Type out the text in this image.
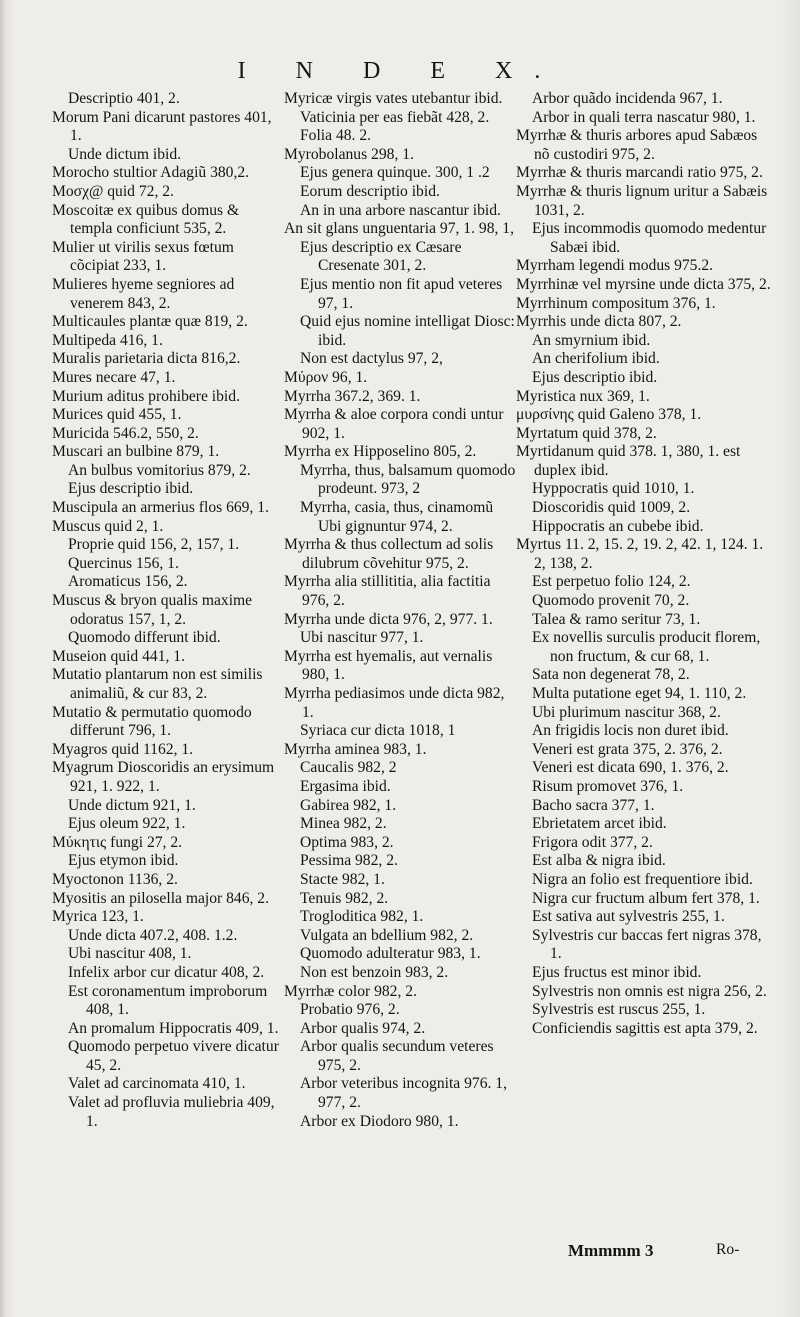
I N D E X.

Descriptio 401, 2.

Morum Pani dicarunt pastores 401, 1.

Unde dictum ibid.

Morocho stultior Adagiũ 380,2.

Μοσχ@ quid 72, 2.

Moscoitæ ex quibus domus & templa conficiunt 535, 2.

Mulier ut virilis sexus fœtum cõcipiat 233, 1.

Mulieres hyeme segniores ad venerem 843, 2.

Multicaules plantæ quæ 819, 2.

Multipeda 416, 1.

Muralis parietaria dicta 816,2.

Mures necare 47, 1.

Murium aditus prohibere ibid.

Murices quid 455, 1.

Muricida 546.2, 550, 2.

Muscari an bulbine 879, 1.

An bulbus vomitorius 879, 2.

Ejus descriptio ibid.

Muscipula an armerius flos 669, 1.

Muscus quid 2, 1.

Proprie quid 156, 2, 157, 1.

Quercinus 156, 1.

Aromaticus 156, 2.

Muscus & bryon qualis maxime odoratus 157, 1, 2.

Quomodo differunt ibid.

Museion quid 441, 1.

Mutatio plantarum non est similis animaliũ, & cur 83, 2.

Mutatio & permutatio quomodo differunt 796, 1.

Myagros quid 1162, 1.

Myagrum Dioscoridis an erysimum 921, 1. 922, 1.

Unde dictum 921, 1.

Ejus oleum 922, 1.

Μύκητις fungi 27, 2.

Ejus etymon ibid.

Myoctonon 1136, 2.

Myositis an pilosella major 846, 2.

Myrica 123, 1.

Unde dicta 407.2, 408. 1.2.

Ubi nascitur 408, 1.

Infelix arbor cur dicatur 408, 2.

Est coronamentum improborum 408, 1.

An promalum Hippocratis 409, 1.

Quomodo perpetuo vivere dicatur 45, 2.

Valet ad carcinomata 410, 1.

Valet ad profluvia muliebria 409, 1.

Myricæ virgis vates utebantur ibid.

Vaticinia per eas fiebãt 428, 2.

Folia 48. 2.

Myrobolanus 298, 1.

Ejus genera quinque. 300, 1 .2

Eorum descriptio ibid.

An in una arbore nascantur ibid.

An sit glans unguentaria 97, 1. 98, 1,

Ejus descriptio ex Cæsare Cresenate 301, 2.

Ejus mentio non fit apud veteres 97, 1.

Quid ejus nomine intelligat Diosc: ibid.

Non est dactylus 97, 2,

Μύρον 96, 1.

Myrrha 367.2, 369. 1.

Myrrha & aloe corpora condi untur 902, 1.

Myrrha ex Hipposelino 805, 2.

Myrrha, thus, balsamum quomodo prodeunt. 973, 2

Myrrha, casia, thus, cinamomũ Ubi gignuntur 974, 2.

Myrrha & thus collectum ad solis dilubrum cõvehitur 975, 2.

Myrrha alia stillititia, alia factitia 976, 2.

Myrrha unde dicta 976, 2, 977. 1.

Ubi nascitur 977, 1.

Myrrha est hyemalis, aut vernalis 980, 1.

Myrrha pediasimos unde dicta 982, 1.

Syriaca cur dicta 1018, 1

Myrrha aminea 983, 1.

Caucalis 982, 2

Ergasima ibid.

Gabirea 982, 1.

Minea 982, 2.

Optima 983, 2.

Pessima 982, 2.

Stacte 982, 1.

Tenuis 982, 2.

Trogloditica 982, 1.

Vulgata an bdellium 982, 2.

Quomodo adulteratur 983, 1.

Non est benzoin 983, 2.

Myrrhæ color 982, 2.

Probatio 976, 2.

Arbor qualis 974, 2.

Arbor qualis secundum veteres 975, 2.

Arbor veteribus incognita 976. 1, 977, 2.

Arbor ex Diodoro 980, 1.

Arbor quãdo incidenda 967, 1.

Arbor in quali terra nascatur 980, 1.

Myrrhæ & thuris arbores apud Sabæos nõ custodiri 975, 2.

Myrrhæ & thuris marcandi ratio 975, 2.

Myrrhæ & thuris lignum uritur a Sabæis 1031, 2.

Ejus incommodis quomodo medentur Sabæi ibid.

Myrrham legendi modus 975.2.

Myrrhinæ vel myrsine unde dicta 375, 2.

Myrrhinum compositum 376, 1.

Myrrhis unde dicta 807, 2.

An smyrnium ibid.

An cherifolium ibid.

Ejus descriptio ibid.

Myristica nux 369, 1.

μυρσίνης quid Galeno 378, 1.

Myrtatum quid 378, 2.

Myrtidanum quid 378. 1, 380, 1. est duplex ibid.

Hyppocratis quid 1010, 1.

Dioscoridis quid 1009, 2.

Hippocratis an cubebe ibid.

Myrtus 11. 2, 15. 2, 19. 2, 42. 1, 124. 1. 2, 138, 2.

Est perpetuo folio 124, 2.

Quomodo provenit 70, 2.

Talea & ramo seritur 73, 1.

Ex novellis surculis producit florem, non fructum, & cur 68, 1.

Sata non degenerat 78, 2.

Multa putatione eget 94, 1. 110, 2.

Ubi plurimum nascitur 368, 2.

An frigidis locis non duret ibid.

Veneri est grata 375, 2. 376, 2.

Veneri est dicata 690, 1. 376, 2.

Risum promovet 376, 1.

Bacho sacra 377, 1.

Ebrietatem arcet ibid.

Frigora odit 377, 2.

Est alba & nigra ibid.

Nigra an folio est frequentiore ibid.

Nigra cur fructum album fert 378, 1.

Est sativa aut sylvestris 255, 1.

Sylvestris cur baccas fert nigras 378, 1.

Ejus fructus est minor ibid.

Sylvestris non omnis est nigra 256, 2.

Sylvestris est ruscus 255, 1.

Conficiendis sagittis est apta 379, 2.

Mmmmm 3	Ro-
